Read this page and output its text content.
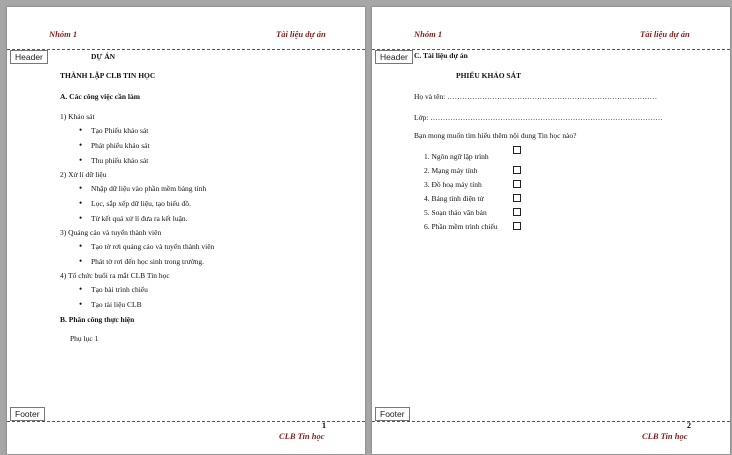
Nhóm 1	Tài liệu dự án
Header	DỰ ÁN
THÀNH LẬP CLB TIN HỌC
A. Các công việc cần làm
1) Khảo sát
• Tạo Phiếu khảo sát
• Phát phiếu khảo sát
• Thu phiếu khảo sát
2) Xử lí dữ liệu
• Nhập dữ liệu vào phần mềm bảng tính
• Lọc, sắp xếp dữ liệu, tạo biểu đồ.
• Từ kết quả xử lí đưa ra kết luận.
3) Quảng cáo và tuyển thành viên
• Tạo tờ rơi quảng cáo và tuyển thành viên
• Phát tờ rơi đến học sinh trong trường.
4) Tổ chức buổi ra mắt CLB Tin học
• Tạo bài trình chiếu
• Tạo tài liệu CLB
B. Phân công thực hiện
Phụ lục 1
Footer
1
CLB Tin học
Nhóm 1	Tài liệu dự án
Header C. Tài liệu dự án
PHIẾU KHẢO SÁT
Họ và tên: …………………………………………………………………………
Lớp: …………………………………………………………………………………
Bạn mong muốn tìm hiểu thêm nội dung Tin học nào?
1. Ngôn ngữ lập trình
2. Mạng máy tính
3. Đồ hoạ máy tính
4. Bảng tính điện tử
5. Soạn thảo văn bản
6. Phần mềm trình chiếu
Footer
2
CLB Tin học
